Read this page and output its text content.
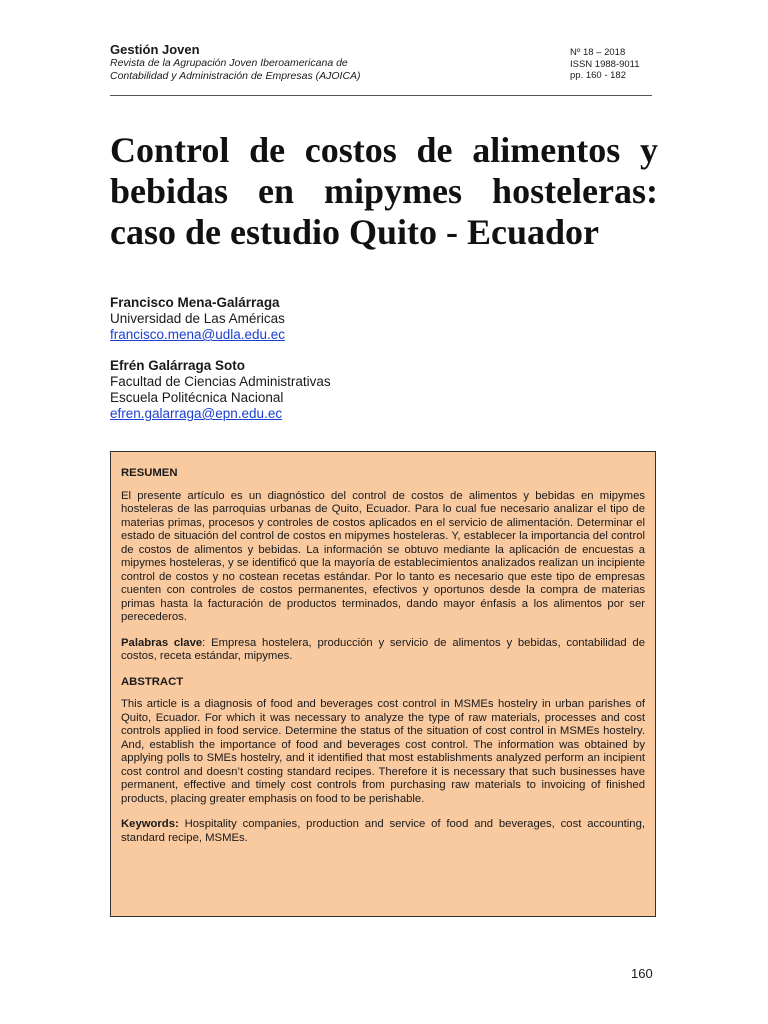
Gestión Joven
Revista de la Agrupación Joven Iberoamericana de
Contabilidad y Administración de Empresas (AJOICA)
Nº 18 – 2018
ISSN 1988-9011
pp. 160 - 182
Control de costos de alimentos y bebidas en mipymes hosteleras: caso de estudio Quito - Ecuador
Francisco Mena-Galárraga
Universidad de Las Américas
francisco.mena@udla.edu.ec
Efrén Galárraga Soto
Facultad de Ciencias Administrativas
Escuela Politécnica Nacional
efren.galarraga@epn.edu.ec
RESUMEN

El presente artículo es un diagnóstico del control de costos de alimentos y bebidas en mipymes hosteleras de las parroquias urbanas de Quito, Ecuador. Para lo cual fue necesario analizar el tipo de materias primas, procesos y controles de costos aplicados en el servicio de alimentación. Determinar el estado de situación del control de costos en mipymes hosteleras. Y, establecer la importancia del control de costos de alimentos y bebidas. La información se obtuvo mediante la aplicación de encuestas a mipymes hosteleras, y se identificó que la mayoría de establecimientos analizados realizan un incipiente control de costos y no costean recetas estándar. Por lo tanto es necesario que este tipo de empresas cuenten con controles de costos permanentes, efectivos y oportunos desde la compra de materias primas hasta la facturación de productos terminados, dando mayor énfasis a los alimentos por ser perecederos.

Palabras clave: Empresa hostelera, producción y servicio de alimentos y bebidas, contabilidad de costos, receta estándar, mipymes.

ABSTRACT

This article is a diagnosis of food and beverages cost control in MSMEs hostelry in urban parishes of Quito, Ecuador. For which it was necessary to analyze the type of raw materials, processes and cost controls applied in food service. Determine the status of the situation of cost control in MSMEs hostelry. And, establish the importance of food and beverages cost control. The information was obtained by applying polls to SMEs hostelry, and it identified that most establishments analyzed perform an incipient cost control and doesn’t costing standard recipes. Therefore it is necessary that such businesses have permanent, effective and timely cost controls from purchasing raw materials to invoicing of finished products, placing greater emphasis on food to be perishable.

Keywords: Hospitality companies, production and service of food and beverages, cost accounting, standard recipe, MSMEs.

160
